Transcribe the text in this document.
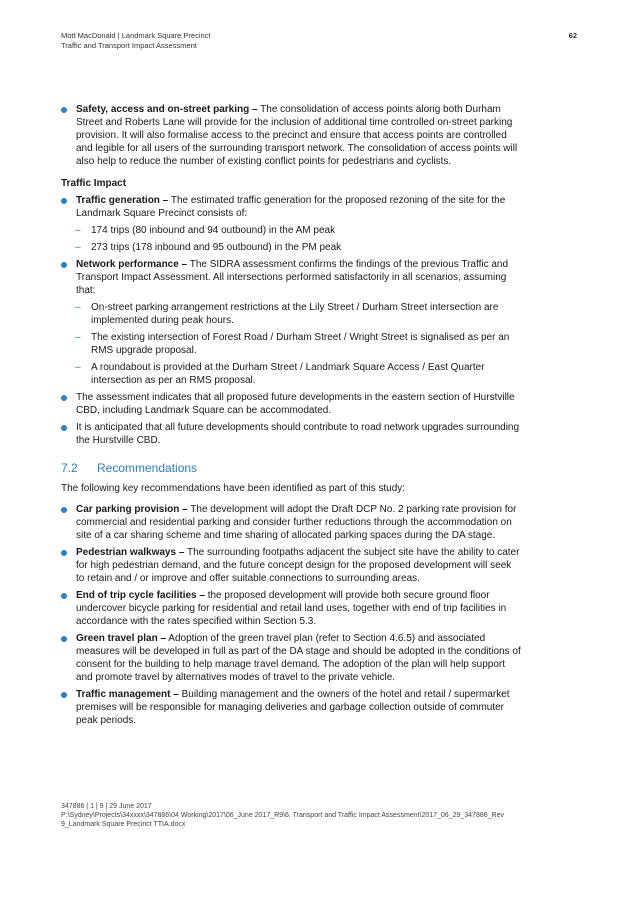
Mott MacDonald | Landmark Square Precinct
Traffic and Transport Impact Assessment
62
Safety, access and on-street parking – The consolidation of access points along both Durham Street and Roberts Lane will provide for the inclusion of additional time controlled on-street parking provision. It will also formalise access to the precinct and ensure that access points are controlled and legible for all users of the surrounding transport network. The consolidation of access points will also help to reduce the number of existing conflict points for pedestrians and cyclists.
Traffic Impact
Traffic generation – The estimated traffic generation for the proposed rezoning of the site for the Landmark Square Precinct consists of:
– 174 trips (80 inbound and 94 outbound) in the AM peak
– 273 trips (178 inbound and 95 outbound) in the PM peak
Network performance – The SIDRA assessment confirms the findings of the previous Traffic and Transport Impact Assessment. All intersections performed satisfactorily in all scenarios, assuming that:
– On-street parking arrangement restrictions at the Lily Street / Durham Street intersection are implemented during peak hours.
– The existing intersection of Forest Road / Durham Street / Wright Street is signalised as per an RMS upgrade proposal.
– A roundabout is provided at the Durham Street / Landmark Square Access / East Quarter intersection as per an RMS proposal.
The assessment indicates that all proposed future developments in the eastern section of Hurstville CBD, including Landmark Square can be accommodated.
It is anticipated that all future developments should contribute to road network upgrades surrounding the Hurstville CBD.
7.2 Recommendations
The following key recommendations have been identified as part of this study:
Car parking provision – The development will adopt the Draft DCP No. 2 parking rate provision for commercial and residential parking and consider further reductions through the accommodation on site of a car sharing scheme and time sharing of allocated parking spaces during the DA stage.
Pedestrian walkways – The surrounding footpaths adjacent the subject site have the ability to cater for high pedestrian demand, and the future concept design for the proposed development will seek to retain and / or improve and offer suitable connections to surrounding areas.
End of trip cycle facilities – the proposed development will provide both secure ground floor undercover bicycle parking for residential and retail land uses, together with end of trip facilities in accordance with the rates specified within Section 5.3.
Green travel plan – Adoption of the green travel plan (refer to Section 4.6.5) and associated measures will be developed in full as part of the DA stage and should be adopted in the conditions of consent for the building to help manage travel demand. The adoption of the plan will help support and promote travel by alternatives modes of travel to the private vehicle.
Traffic management – Building management and the owners of the hotel and retail / supermarket premises will be responsible for managing deliveries and garbage collection outside of commuter peak periods.
347886 | 1 | 9 | 29 June 2017
P:\Sydney\Projects\34xxxx\347886\04 Working\2017\06_June 2017_R9\6. Transport and Traffic Impact Assessment\2017_06_29_347886_Rev 9_Landmark Square Precinct TTIA.docx
